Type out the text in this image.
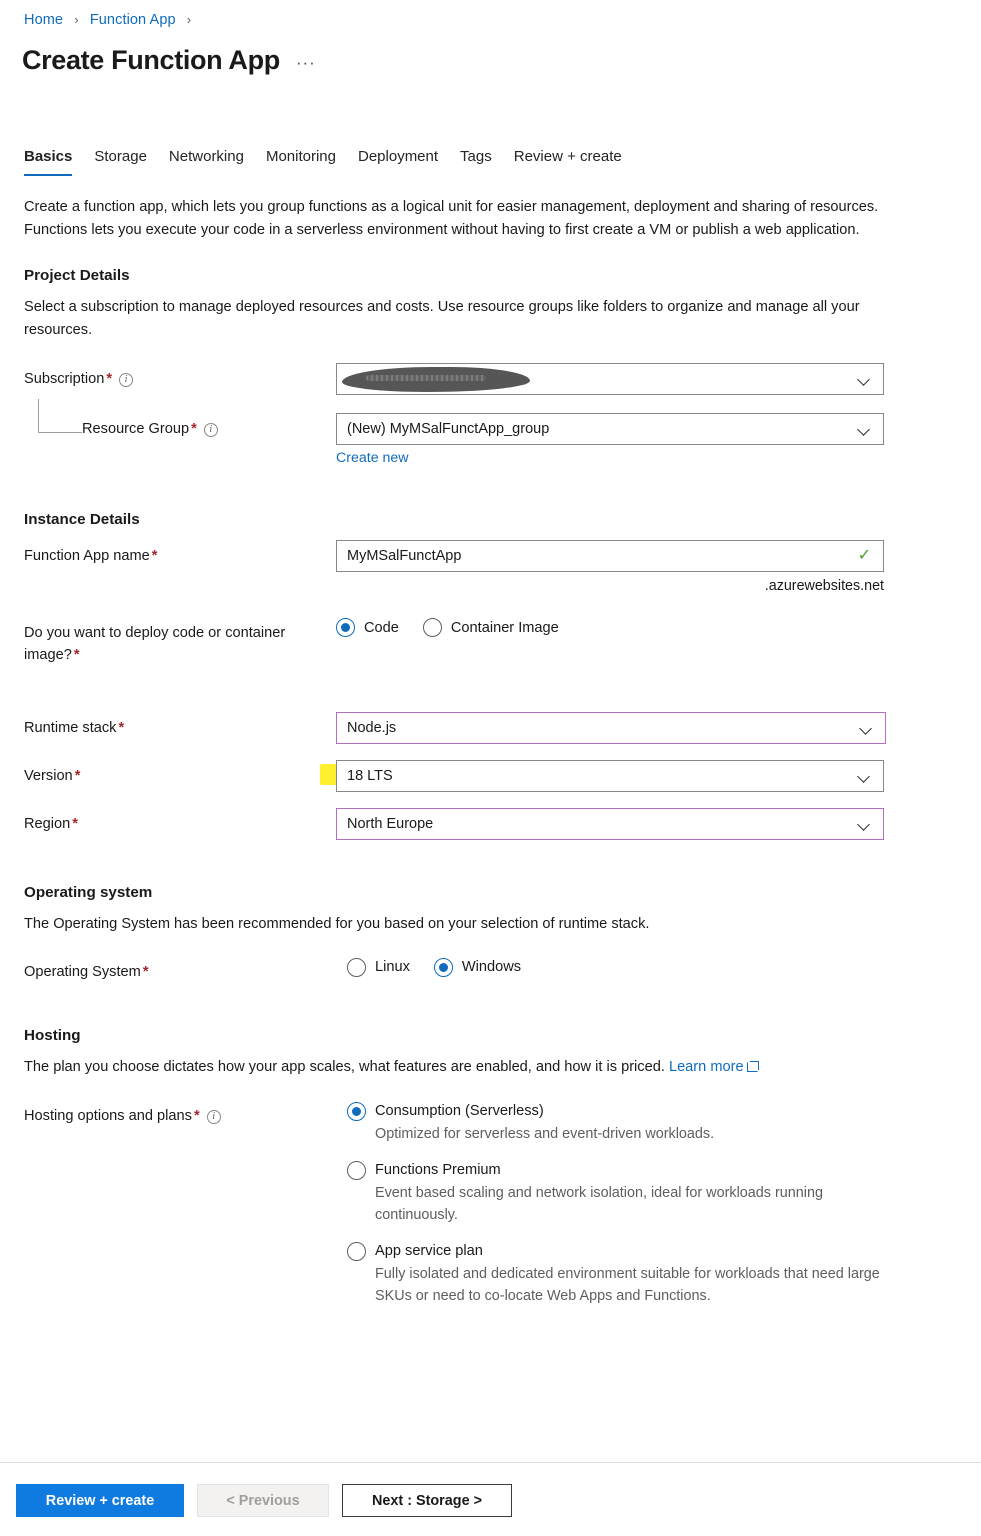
Home › Function App ›
Create Function App ···
Basics	Storage	Networking	Monitoring	Deployment	Tags	Review + create

Create a function app, which lets you group functions as a logical unit for easier management, deployment and sharing of resources. Functions lets you execute your code in a serverless environment without having to first create a VM or publish a web application.

Project Details

Select a subscription to manage deployed resources and costs. Use resource groups like folders to organize and manage all your resources.

Subscription * i
Resource Group * i	(New) MyMSalFunctApp_group
Create new
Instance Details
Function App name *	MyMSalFunctApp	✓
.azurewebsites.net
Do you want to deploy code or container image? *
Code	Container Image
Runtime stack *	Node.js
Version *	18 LTS
Region *	North Europe
Operating system

The Operating System has been recommended for you based on your selection of runtime stack.

Operating System *	Linux	Windows
Hosting

The plan you choose dictates how your app scales, what features are enabled, and how it is priced. Learn more

Hosting options and plans * i	Consumption (Serverless)
Optimized for serverless and event-driven workloads.
Functions Premium
Event based scaling and network isolation, ideal for workloads running continuously.
App service plan
Fully isolated and dedicated environment suitable for workloads that need large SKUs or need to co-locate Web Apps and Functions.
Review + create	< Previous	Next : Storage >
